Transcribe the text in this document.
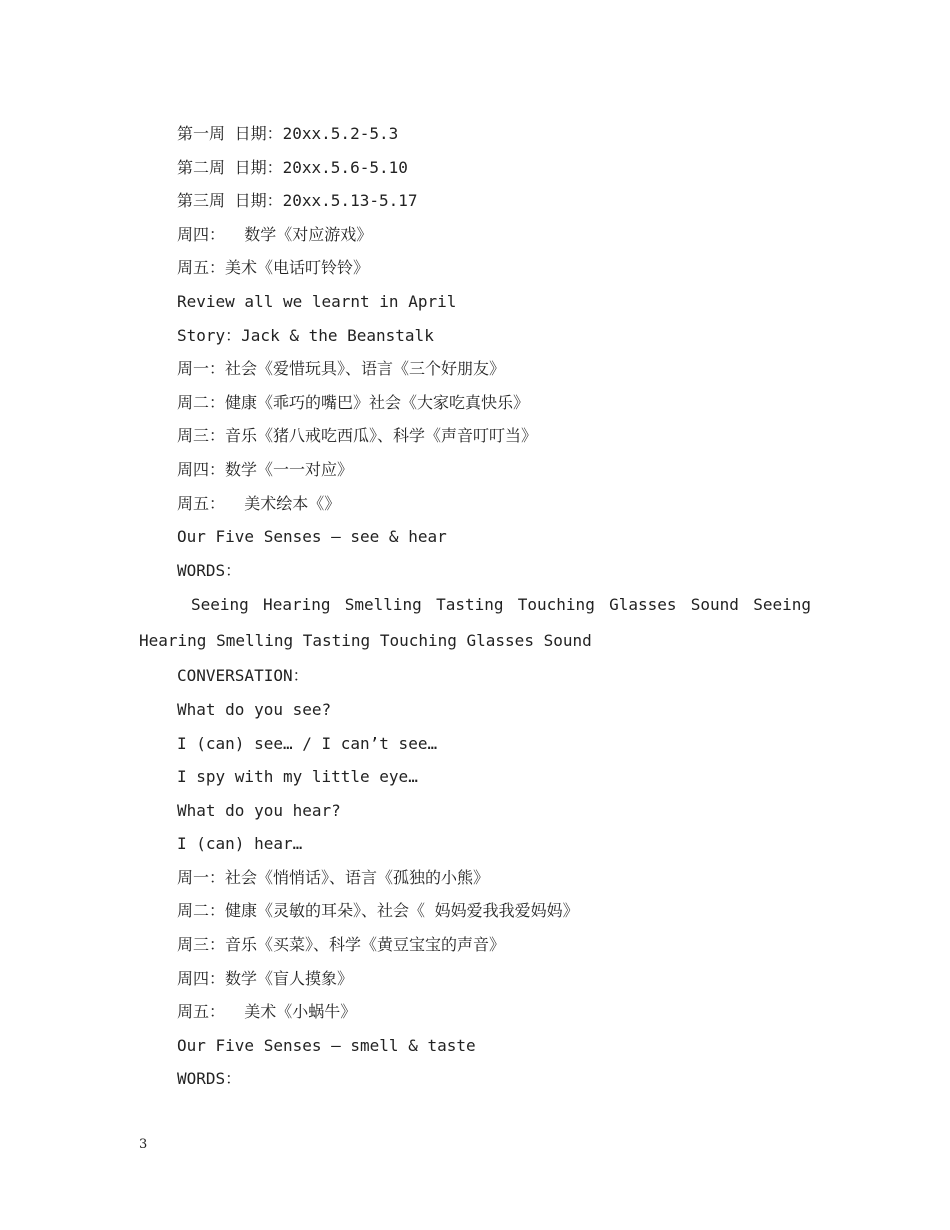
第一周 日期：20xx.5.2-5.3
第二周 日期：20xx.5.6-5.10
第三周 日期：20xx.5.13-5.17
周四：  数学《对应游戏》
周五：美术《电话叮铃铃》
Review all we learnt in April
Story：Jack & the Beanstalk
周一：社会《爱惜玩具》、语言《三个好朋友》
周二：健康《乖巧的嘴巴》社会《大家吃真快乐》
周三：音乐《猪八戒吃西瓜》、科学《声音叮叮当》
周四：数学《一一对应》
周五：  美术绘本《》
Our Five Senses – see & hear
WORDS：
Seeing Hearing Smelling Tasting Touching Glasses Sound Seeing Hearing Smelling Tasting Touching Glasses Sound
CONVERSATION：
What do you see?
I (can) see… / I can’t see…
I spy with my little eye…
What do you hear?
I (can) hear…
周一：社会《悄悄话》、语言《孤独的小熊》
周二：健康《灵敏的耳朵》、社会《 妈妈爱我我爱妈妈》
周三：音乐《买菜》、科学《黄豆宝宝的声音》
周四：数学《盲人摸象》
周五：  美术《小蜗牛》
Our Five Senses – smell & taste
WORDS：
3
